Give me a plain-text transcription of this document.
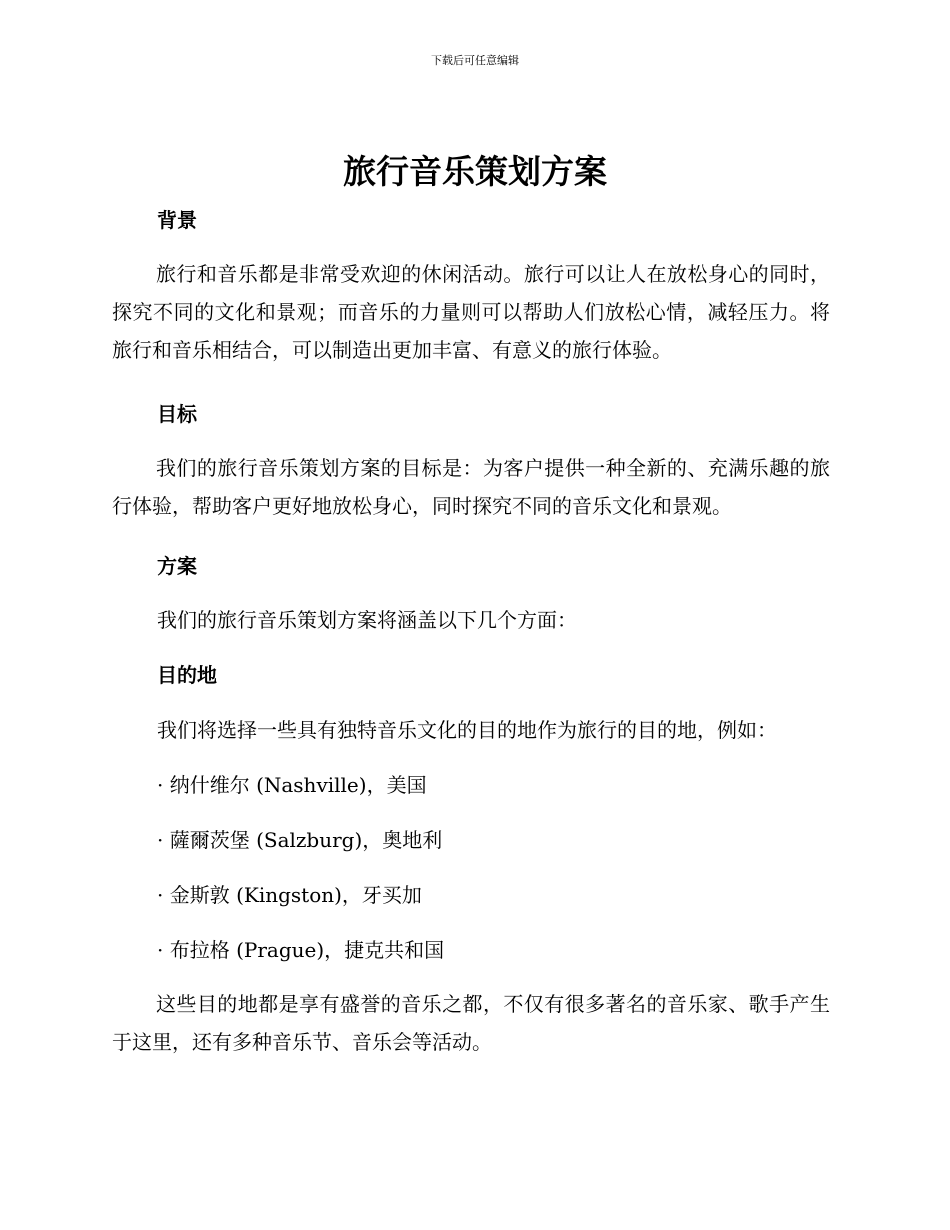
下载后可任意编辑
旅行音乐策划方案
背景

旅行和音乐都是非常受欢迎的休闲活动。旅行可以让人在放松身心的同时，探究不同的文化和景观；而音乐的力量则可以帮助人们放松心情，减轻压力。将旅行和音乐相结合，可以制造出更加丰富、有意义的旅行体验。

目标

我们的旅行音乐策划方案的目标是：为客户提供一种全新的、充满乐趣的旅行体验，帮助客户更好地放松身心，同时探究不同的音乐文化和景观。

方案

我们的旅行音乐策划方案将涵盖以下几个方面：

目的地

我们将选择一些具有独特音乐文化的目的地作为旅行的目的地，例如：

· 纳什维尔 (Nashville)，美国

· 薩爾茨堡 (Salzburg)，奥地利

· 金斯敦 (Kingston)，牙买加

· 布拉格 (Prague)，捷克共和国

这些目的地都是享有盛誉的音乐之都，不仅有很多著名的音乐家、歌手产生于这里，还有多种音乐节、音乐会等活动。
